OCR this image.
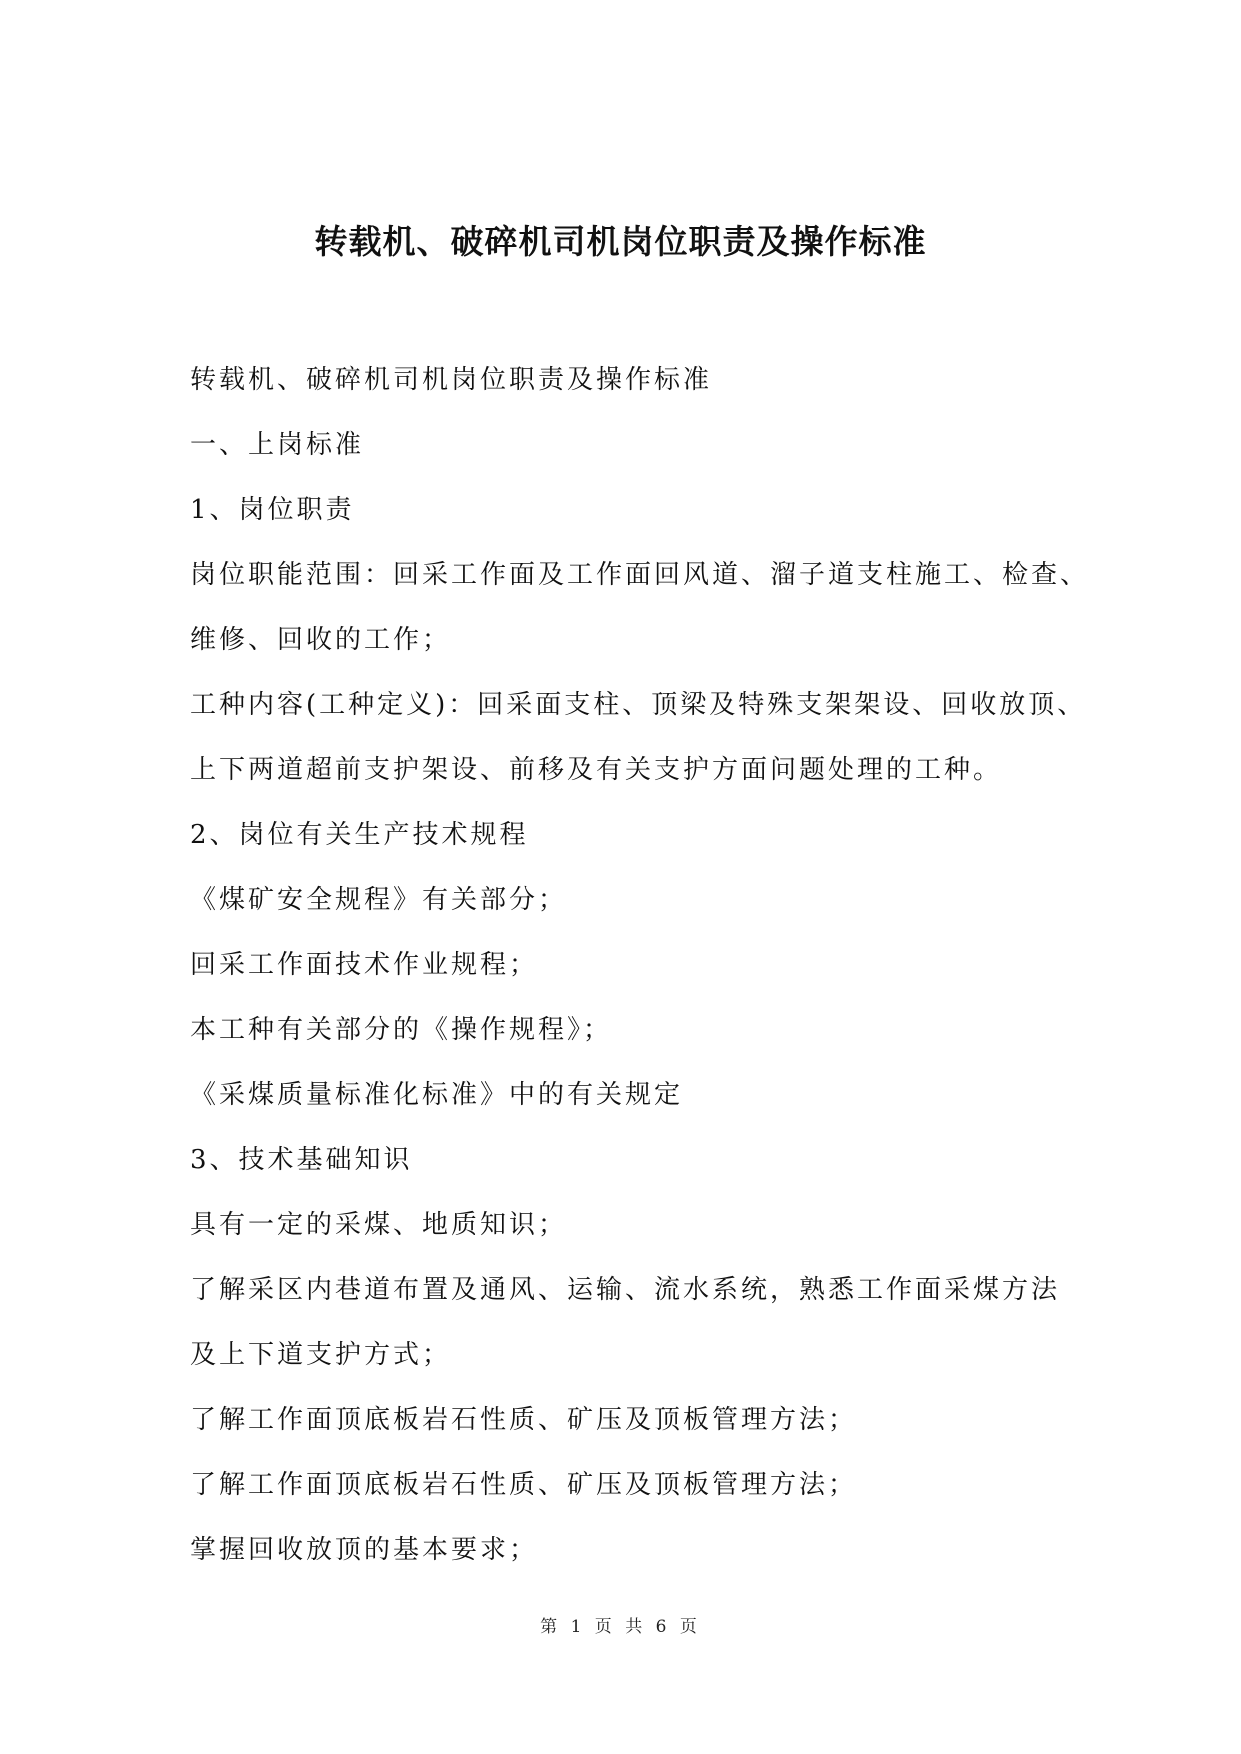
转载机、破碎机司机岗位职责及操作标准
转载机、破碎机司机岗位职责及操作标准
一、上岗标准
1、岗位职责
岗位职能范围：回采工作面及工作面回风道、溜子道支柱施工、检查、
维修、回收的工作；
工种内容(工种定义)：回采面支柱、顶梁及特殊支架架设、回收放顶、
上下两道超前支护架设、前移及有关支护方面问题处理的工种。
2、岗位有关生产技术规程
《煤矿安全规程》有关部分；
回采工作面技术作业规程；
本工种有关部分的《操作规程》；
《采煤质量标准化标准》中的有关规定
3、技术基础知识
具有一定的采煤、地质知识；
了解采区内巷道布置及通风、运输、流水系统，熟悉工作面采煤方法
及上下道支护方式；
了解工作面顶底板岩石性质、矿压及顶板管理方法；
了解工作面顶底板岩石性质、矿压及顶板管理方法；
掌握回收放顶的基本要求；
第 1 页 共 6 页
